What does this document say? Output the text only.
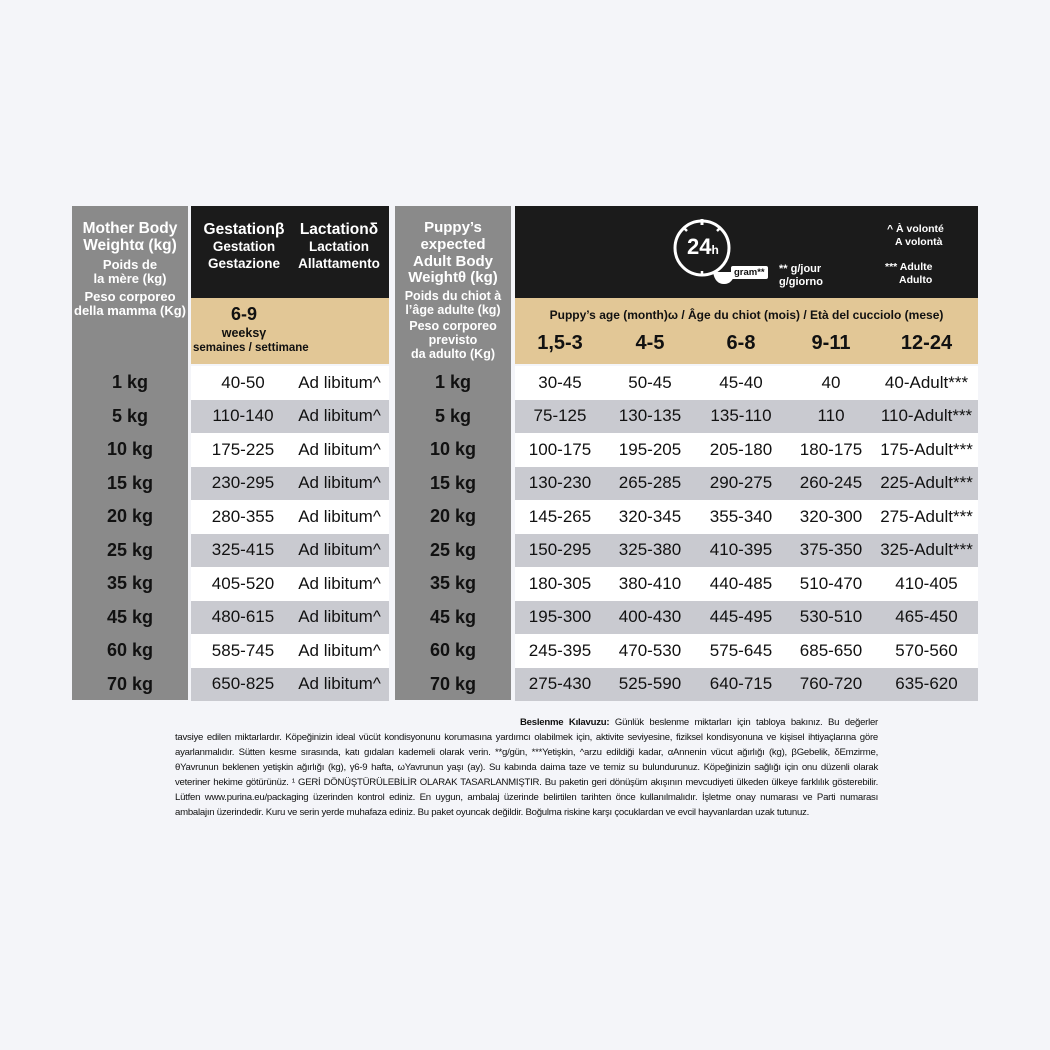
Mother Body
Weightα (kg)
Poids de
la mère (kg)
Peso corporeo
della mamma (Kg)
Gestationβ
Gestation
Gestazione
Lactationδ
Lactation
Allattamento
6-9
weeksγ
semaines / settimane
Puppy’s expected
Adult Body
Weightθ (kg)
Poids du chiot à
l’âge adulte (kg)
Peso corporeo previsto
da adulto (Kg)
24h
gram** ** g/jour
g/giorno
^ À volonté
A volontà
*** Adulte
Adulto
Puppy’s age (month)ω / Âge du chiot (mois) / Età del cucciolo (mese)
1,5-3	4-5	6-8	9-11	12-24
1 kg	40-50	Ad libitum^	1 kg	30-45	50-45	45-40	40	40-Adult***
5 kg	110-140	Ad libitum^	5 kg	75-125	130-135	135-110	110	110-Adult***
10 kg	175-225	Ad libitum^	10 kg	100-175	195-205	205-180	180-175	175-Adult***
15 kg	230-295	Ad libitum^	15 kg	130-230	265-285	290-275	260-245	225-Adult***
20 kg	280-355	Ad libitum^	20 kg	145-265	320-345	355-340	320-300	275-Adult***
25 kg	325-415	Ad libitum^	25 kg	150-295	325-380	410-395	375-350	325-Adult***
35 kg	405-520	Ad libitum^	35 kg	180-305	380-410	440-485	510-470	410-405
45 kg	480-615	Ad libitum^	45 kg	195-300	400-430	445-495	530-510	465-450
60 kg	585-745	Ad libitum^	60 kg	245-395	470-530	575-645	685-650	570-560
70 kg	650-825	Ad libitum^	70 kg	275-430	525-590	640-715	760-720	635-620
Beslenme Kılavuzu: Günlük beslenme miktarları için tabloya bakınız. Bu değerler tavsiye edilen miktarlardır. Köpeğinizin ideal vücüt kondisyonunu korumasına yardımcı olabilmek için, aktivite seviyesine, fiziksel kondisyonuna ve kişisel ihtiyaçlarına göre ayarlanmalıdır. Sütten kesme sırasında, katı gıdaları kademeli olarak verin. **g/gün, ***Yetişkin, ^arzu edildiği kadar, αAnnenin vücut ağırlığı (kg), βGebelik, δEmzirme, θYavrunun beklenen yetişkin ağırlığı (kg), γ6-9 hafta, ωYavrunun yaşı (ay). Su kabında daima taze ve temiz su bulundurunuz. Köpeğinizin sağlığı için onu düzenli olarak veteriner hekime götürünüz. ¹ GERİ DÖNÜŞTÜRÜLEBİLİR OLARAK TASARLANMIŞTIR. Bu paketin geri dönüşüm akışının mevcudiyeti ülkeden ülkeye farklılık gösterebilir. Lütfen www.purina.eu/packaging üzerinden kontrol ediniz. En uygun, ambalaj üzerinde belirtilen tarihten önce kullanılmalıdır. İşletme onay numarası ve Parti numarası ambalajın üzerindedir. Kuru ve serin yerde muhafaza ediniz. Bu paket oyuncak değildir. Boğulma riskine karşı çocuklardan ve evcil hayvanlardan uzak tutunuz.
